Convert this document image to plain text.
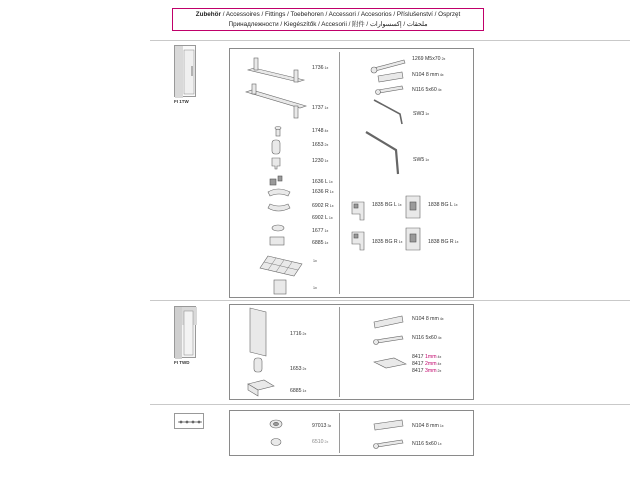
Zubehör / Accessoires / Fittings / Toebehoren / Accessori / Accesorios / Příslušenství / Osprzęt
Принадлежности / Kiegészítők / Accesorii / 附件 / ملحقات / إكسسوارات
FI 1TW
FI TWD
17361x
17371x
17484x
16532x
12301x
1636 L1x
1636 R1x
6902 R1x
6902 L1x
16771x
68851x
1x
1x
1269 M5x702x
N104 8 mm4x
N116 5x604x
SW31x
SW51x
1835 BG L1x	1838 BG L1x
1835 BG R1x	1838 BG R1x
17162x
16532x
68851x
N104 8 mm4x
N116 5x604x
8417 1mm4x
8417 2mm4x
8417 3mm2x
970133x
65102x
N104 8 mm1x
N116 5x601x
